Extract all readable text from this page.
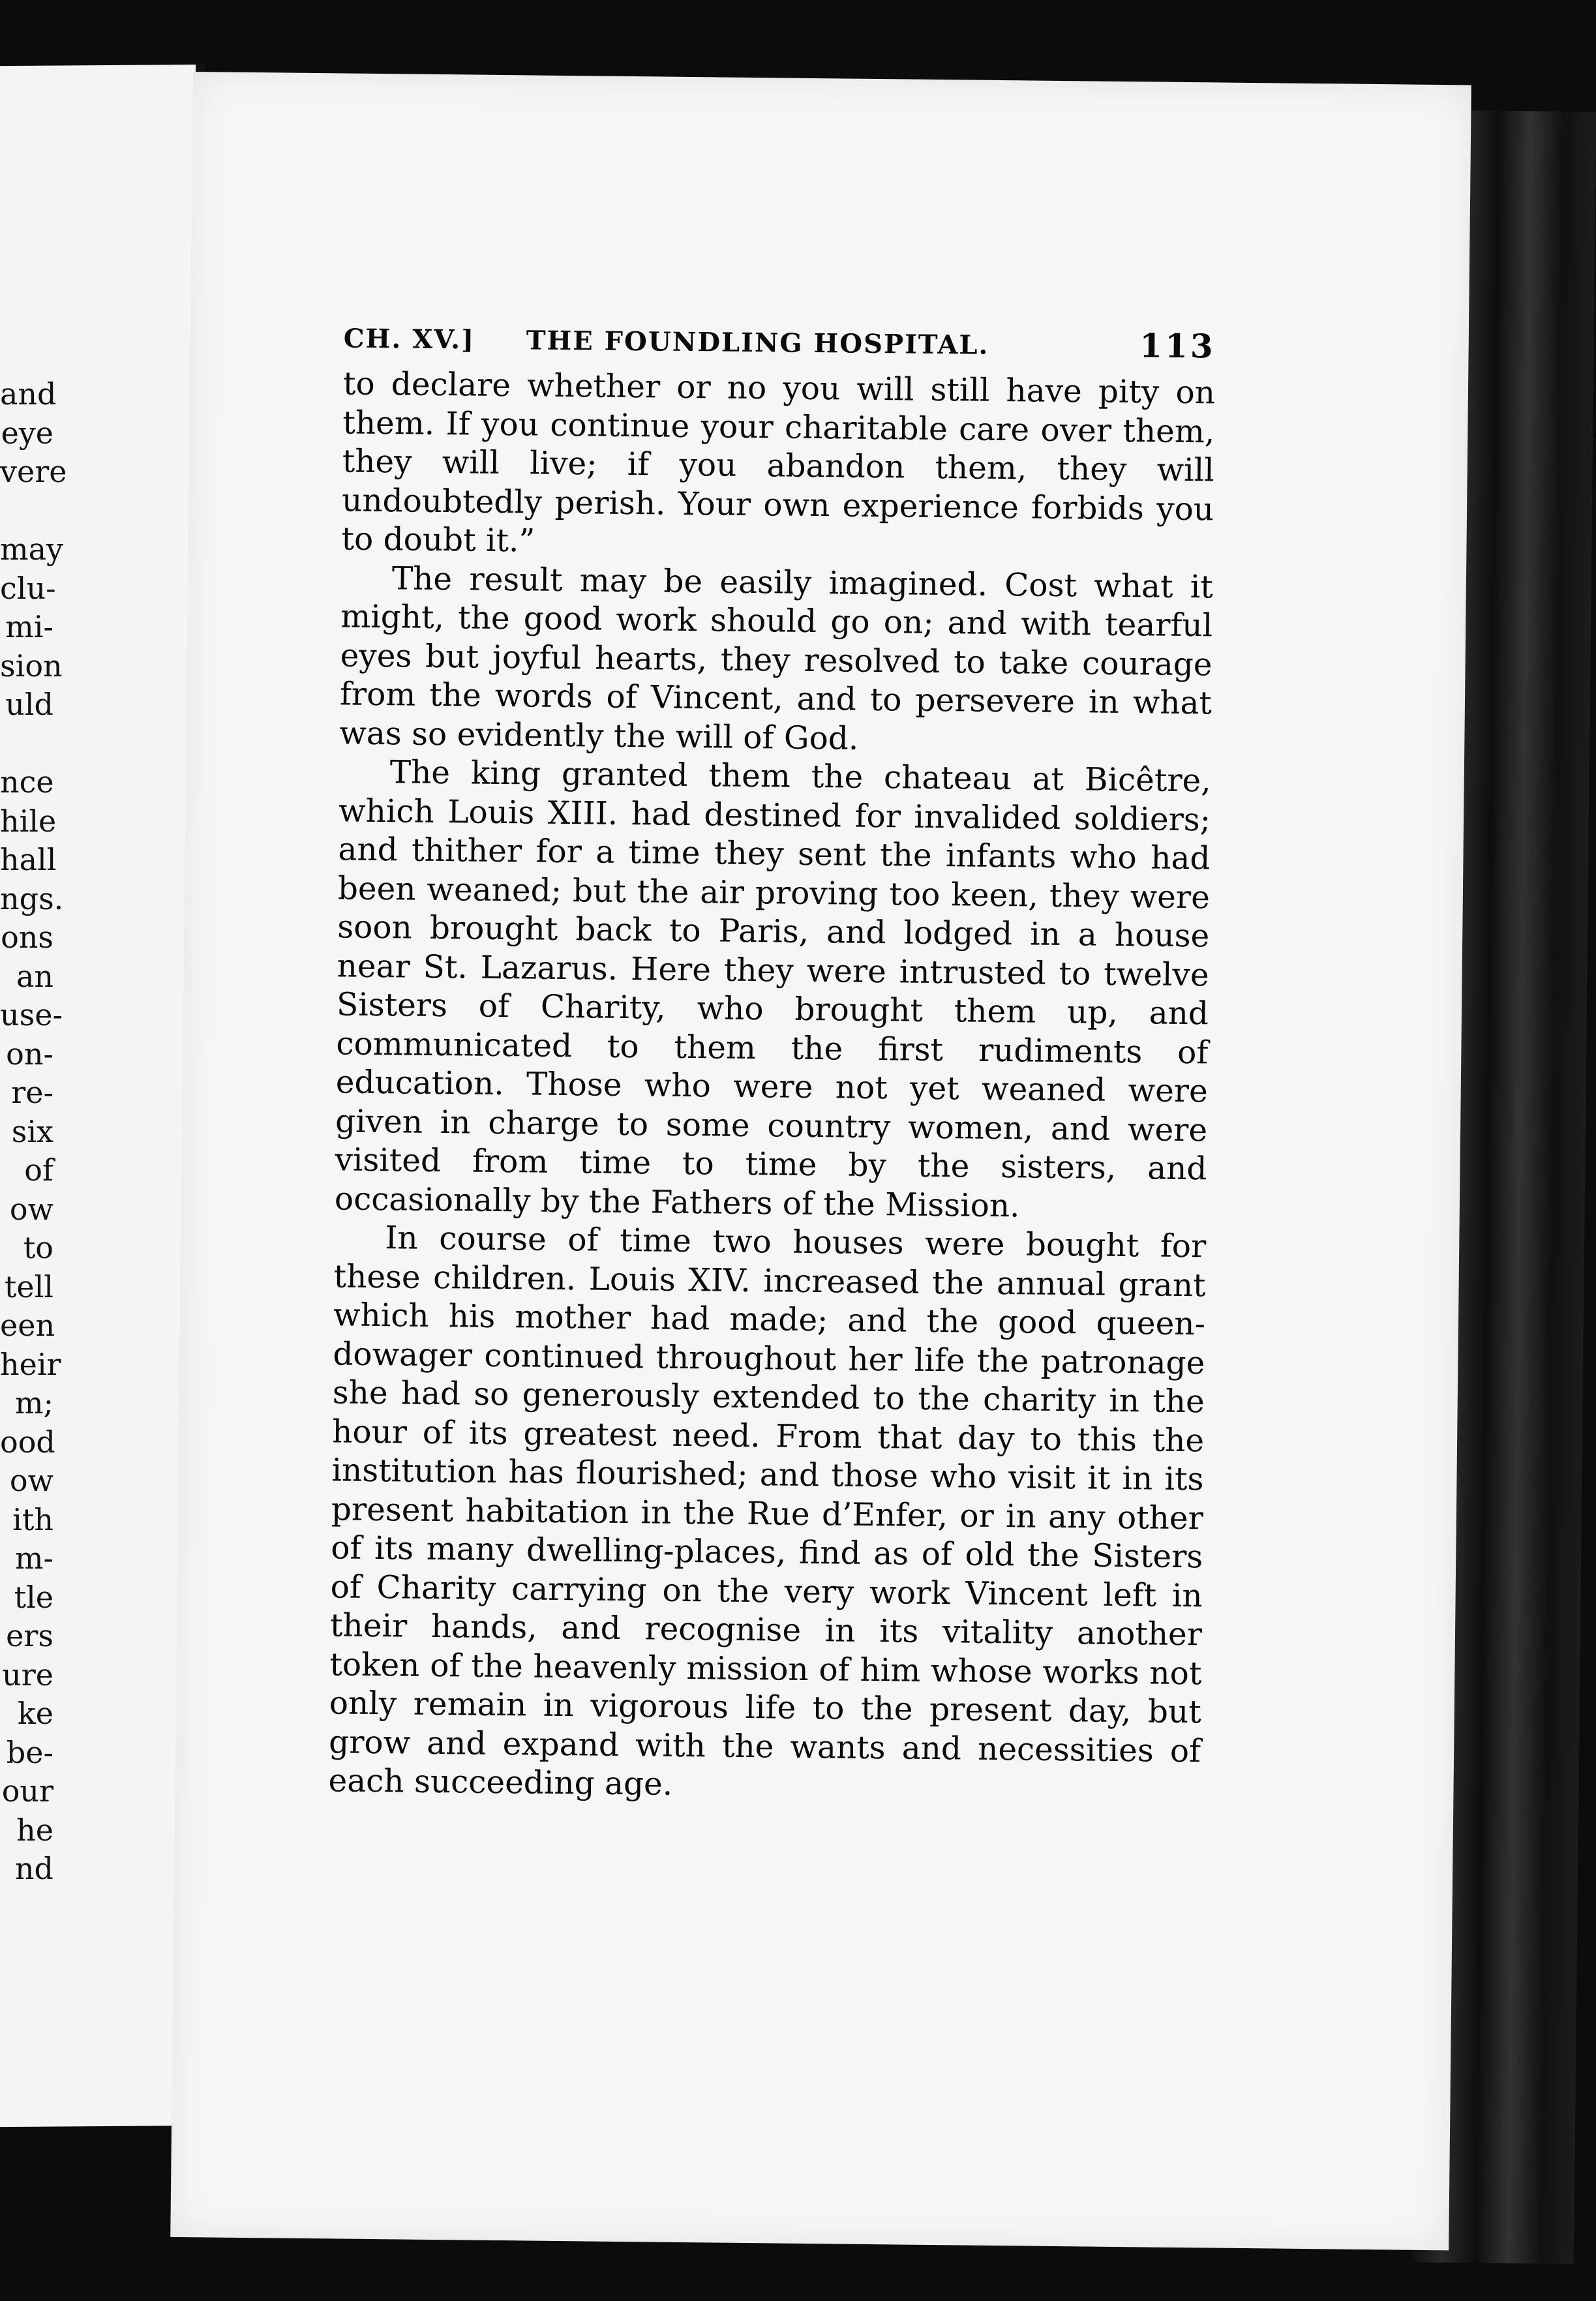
and
eye
vere
may
clu-
mi-
sion
uld
nce
hile
hall
ngs.
ons
an
use-
on-
re-
six
of
ow
to
tell
een
heir
m;
ood
ow
ith
m-
tle
ers
ure
ke
be-
our
he
nd
CH. XV.] THE FOUNDLING HOSPITAL.	113

to declare whether or no you will still have pity on them. If you continue your charitable care over them, they will live; if you abandon them, they will undoubtedly perish. Your own experience forbids you to doubt it.”

The result may be easily imagined. Cost what it might, the good work should go on; and with tearful eyes but joyful hearts, they resolved to take courage from the words of Vincent, and to persevere in what was so evidently the will of God.

The king granted them the chateau at Bicêtre, which Louis XIII. had destined for invalided soldiers; and thither for a time they sent the infants who had been weaned; but the air proving too keen, they were soon brought back to Paris, and lodged in a house near St. Lazarus. Here they were intrusted to twelve Sisters of Charity, who brought them up, and communicated to them the first rudiments of education. Those who were not yet weaned were given in charge to some country women, and were visited from time to time by the sisters, and occasionally by the Fathers of the Mission.

In course of time two houses were bought for these children. Louis XIV. increased the annual grant which his mother had made; and the good queen-dowager continued throughout her life the patronage she had so generously extended to the charity in the hour of its greatest need. From that day to this the institution has flourished; and those who visit it in its present habitation in the Rue d’Enfer, or in any other of its many dwelling-places, find as of old the Sisters of Charity carrying on the very work Vincent left in their hands, and recognise in its vitality another token of the heavenly mission of him whose works not only remain in vigorous life to the present day, but grow and expand with the wants and necessities of each succeeding age.
